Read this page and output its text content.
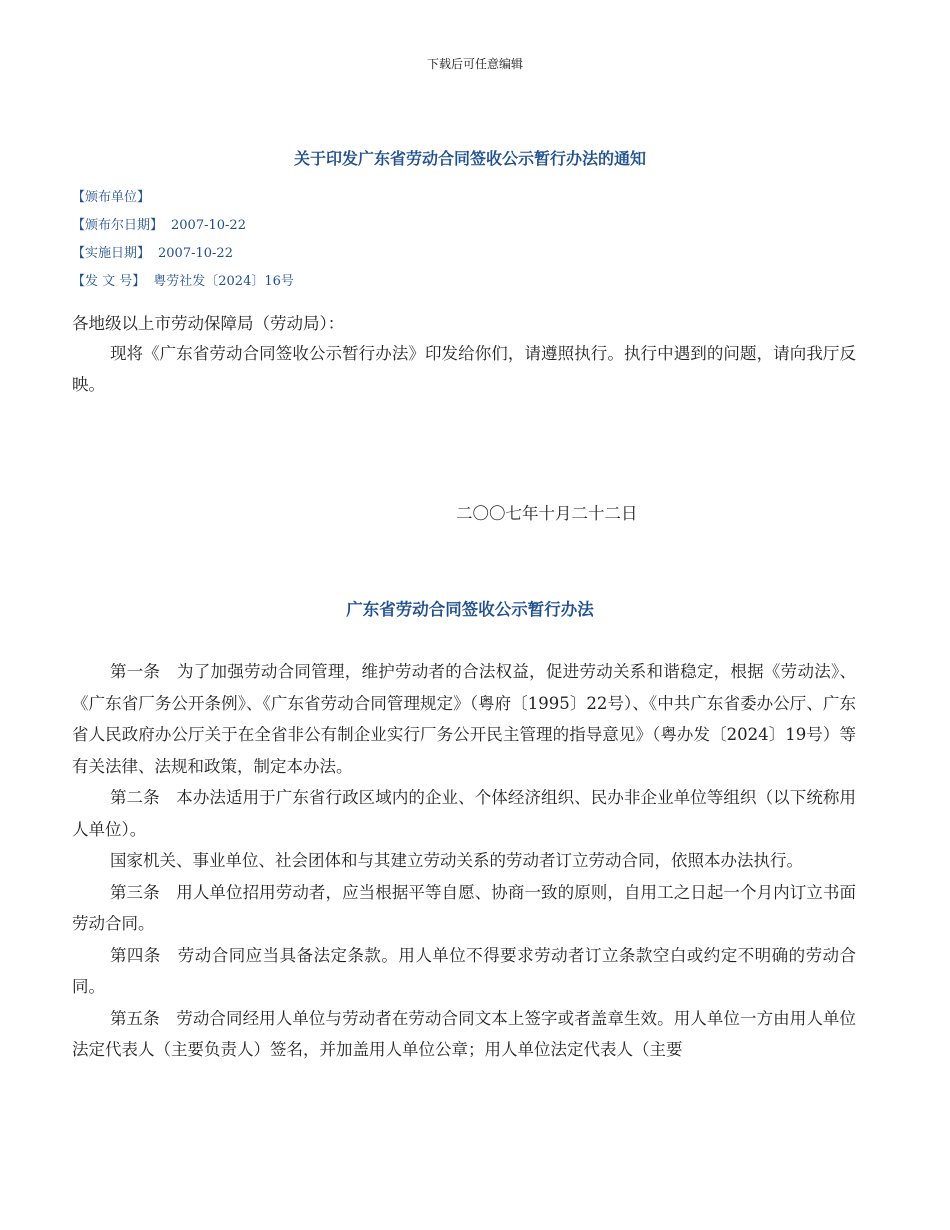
下载后可任意编辑
关于印发广东省劳动合同签收公示暂行办法的通知
【颁布单位】
【颁布尔日期】 2007-10-22
【实施日期】 2007-10-22
【发 文 号】 粤劳社发〔2024〕16号
各地级以上市劳动保障局（劳动局）：
现将《广东省劳动合同签收公示暂行办法》印发给你们，请遵照执行。执行中遇到的问题，请向我厅反映。
二〇〇七年十月二十二日
广东省劳动合同签收公示暂行办法

第一条　为了加强劳动合同管理，维护劳动者的合法权益，促进劳动关系和谐稳定，根据《劳动法》、《广东省厂务公开条例》、《广东省劳动合同管理规定》（粤府〔1995〕22号）、《中共广东省委办公厅、广东省人民政府办公厅关于在全省非公有制企业实行厂务公开民主管理的指导意见》（粤办发〔2024〕19号）等有关法律、法规和政策，制定本办法。

第二条　本办法适用于广东省行政区域内的企业、个体经济组织、民办非企业单位等组织（以下统称用人单位）。

国家机关、事业单位、社会团体和与其建立劳动关系的劳动者订立劳动合同，依照本办法执行。

第三条　用人单位招用劳动者，应当根据平等自愿、协商一致的原则，自用工之日起一个月内订立书面劳动合同。

第四条　劳动合同应当具备法定条款。用人单位不得要求劳动者订立条款空白或约定不明确的劳动合同。

第五条　劳动合同经用人单位与劳动者在劳动合同文本上签字或者盖章生效。用人单位一方由用人单位法定代表人（主要负责人）签名，并加盖用人单位公章；用人单位法定代表人（主要
